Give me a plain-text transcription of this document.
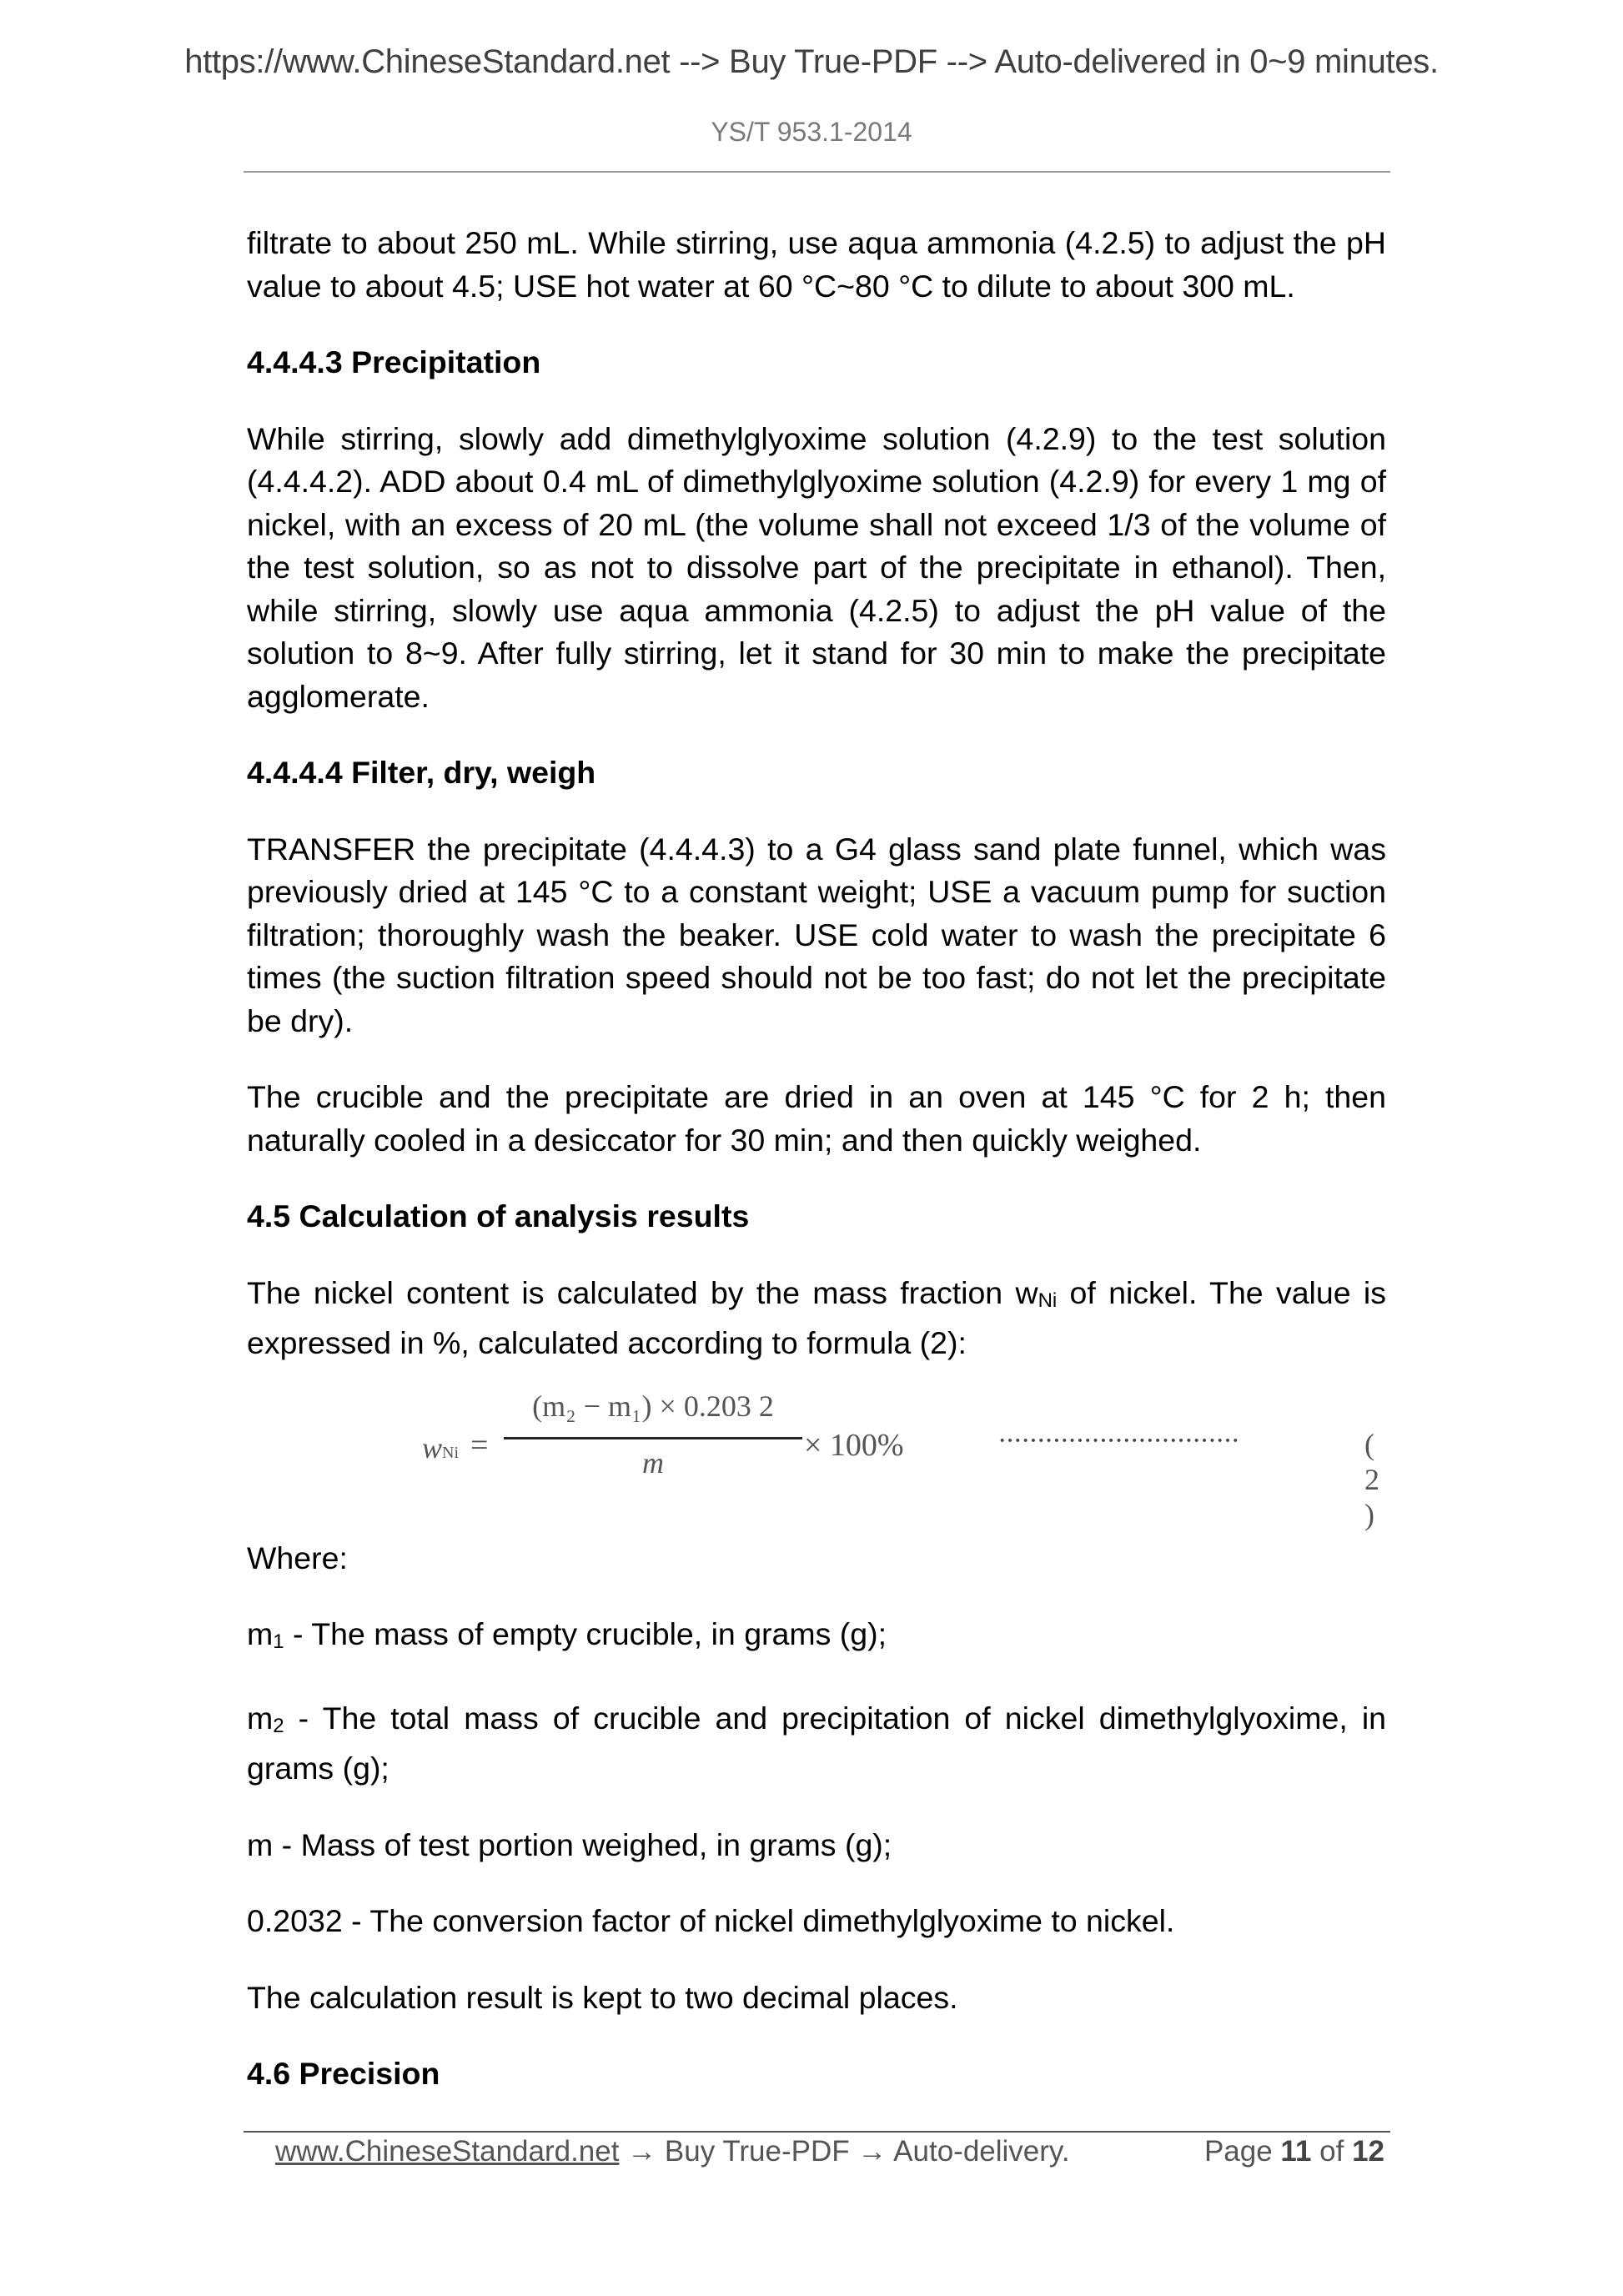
https://www.ChineseStandard.net --> Buy True-PDF --> Auto-delivered in 0~9 minutes.
YS/T 953.1-2014

filtrate to about 250 mL. While stirring, use aqua ammonia (4.2.5) to adjust the pH value to about 4.5; USE hot water at 60 °C~80 °C to dilute to about 300 mL.

4.4.4.3 Precipitation

While stirring, slowly add dimethylglyoxime solution (4.2.9) to the test solution (4.4.4.2). ADD about 0.4 mL of dimethylglyoxime solution (4.2.9) for every 1 mg of nickel, with an excess of 20 mL (the volume shall not exceed 1/3 of the volume of the test solution, so as not to dissolve part of the precipitate in ethanol). Then, while stirring, slowly use aqua ammonia (4.2.5) to adjust the pH value of the solution to 8~9. After fully stirring, let it stand for 30 min to make the precipitate agglomerate.

4.4.4.4 Filter, dry, weigh

TRANSFER the precipitate (4.4.4.3) to a G4 glass sand plate funnel, which was previously dried at 145 °C to a constant weight; USE a vacuum pump for suction filtration; thoroughly wash the beaker. USE cold water to wash the precipitate 6 times (the suction filtration speed should not be too fast; do not let the precipitate be dry).

The crucible and the precipitate are dried in an oven at 145 °C for 2 h; then naturally cooled in a desiccator for 30 min; and then quickly weighed.

4.5 Calculation of analysis results

The nickel content is calculated by the mass fraction wNi of nickel. The value is expressed in %, calculated according to formula (2):

wNi =
(m₂ − m₁) × 0.203 2
m	× 100%	·······························	( 2 )

Where:

m1 - The mass of empty crucible, in grams (g);

m2 - The total mass of crucible and precipitation of nickel dimethylglyoxime, in grams (g);

m - Mass of test portion weighed, in grams (g);

0.2032 - The conversion factor of nickel dimethylglyoxime to nickel.

The calculation result is kept to two decimal places.

4.6 Precision
www.ChineseStandard.net → Buy True-PDF → Auto-delivery.	Page 11 of 12
